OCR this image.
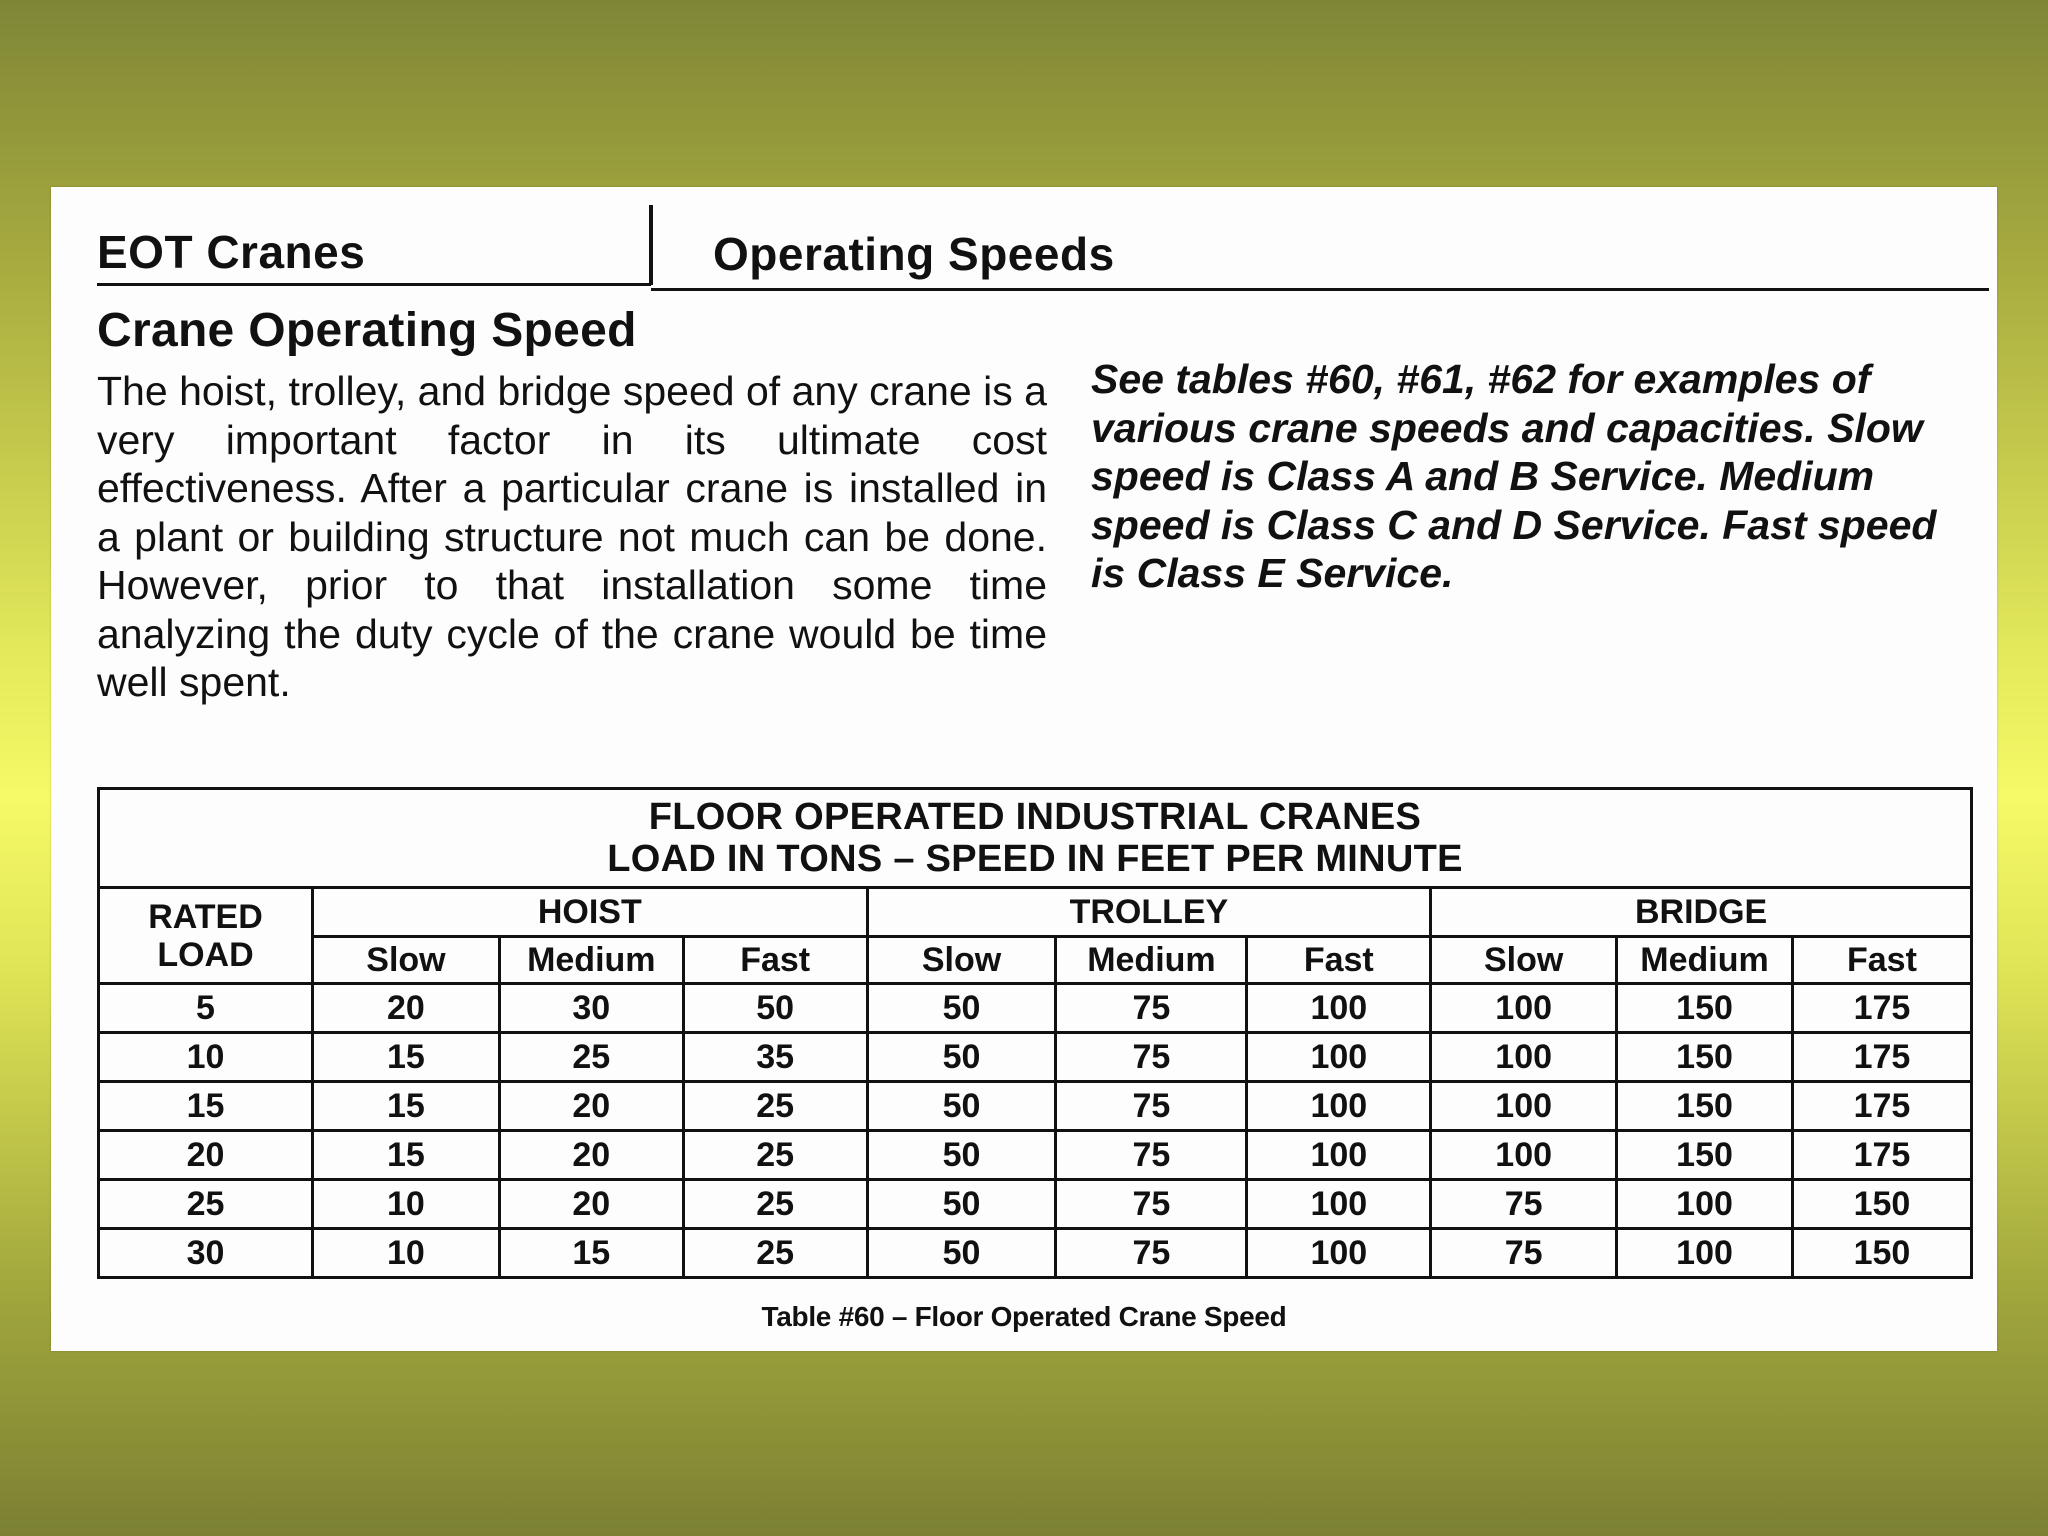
EOT Cranes	Operating Speeds
Crane Operating Speed
The hoist, trolley, and bridge speed of any crane is a very important factor in its ultimate cost effectiveness. After a particular crane is installed in a plant or building structure not much can be done. However, prior to that installation some time analyzing the duty cycle of the crane would be time well spent.
See tables #60, #61, #62 for examples of various crane speeds and capacities. Slow speed is Class A and B Service. Medium speed is Class C and D Service. Fast speed is Class E Service.
FLOOR OPERATED INDUSTRIAL CRANES
LOAD IN TONS – SPEED IN FEET PER MINUTE									

RATED
LOAD	HOIST			TROLLEY			BRIDGE		
	Slow	Medium	Fast	Slow	Medium	Fast	Slow	Medium	Fast
5	20	30	50	50	75	100	100	150	175
10	15	25	35	50	75	100	100	150	175
15	15	20	25	50	75	100	100	150	175
20	15	20	25	50	75	100	100	150	175
25	10	20	25	50	75	100	75	100	150
30	10	15	25	50	75	100	75	100	150
Table #60 – Floor Operated Crane Speed
